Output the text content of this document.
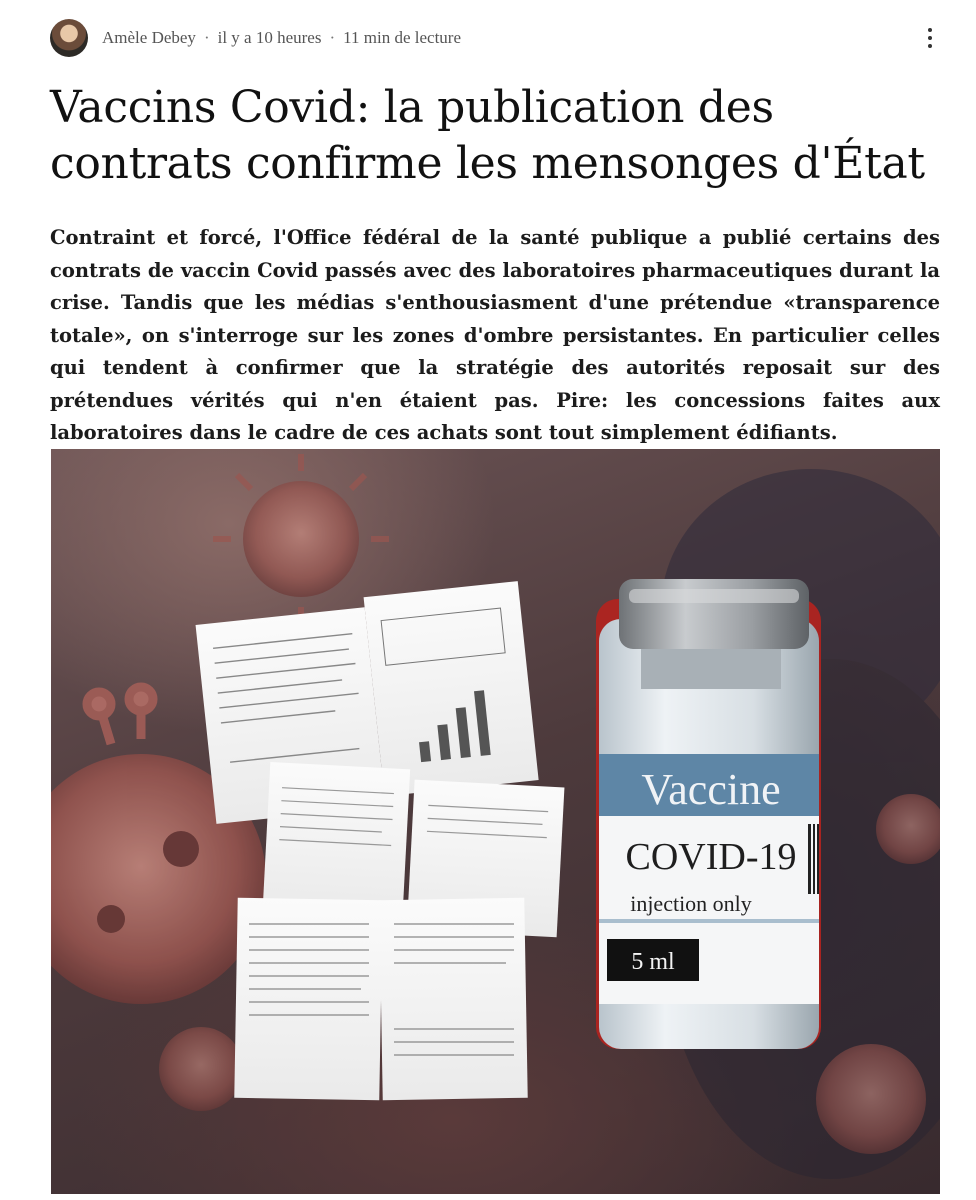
Amèle Debey · il y a 10 heures · 11 min de lecture
Vaccins Covid: la publication des contrats confirme les mensonges d'État

Contraint et forcé, l'Office fédéral de la santé publique a publié certains des contrats de vaccin Covid passés avec des laboratoires pharmaceutiques durant la crise. Tandis que les médias s'enthousiasment d'une prétendue «transparence totale», on s'interroge sur les zones d'ombre persistantes. En particulier celles qui tendent à confirmer que la stratégie des autorités reposait sur des prétendues vérités qui n'en étaient pas. Pire: les concessions faites aux laboratoires dans le cadre de ces achats sont tout simplement édifiants.

Vaccine
COVID-19
injection only
5 ml
